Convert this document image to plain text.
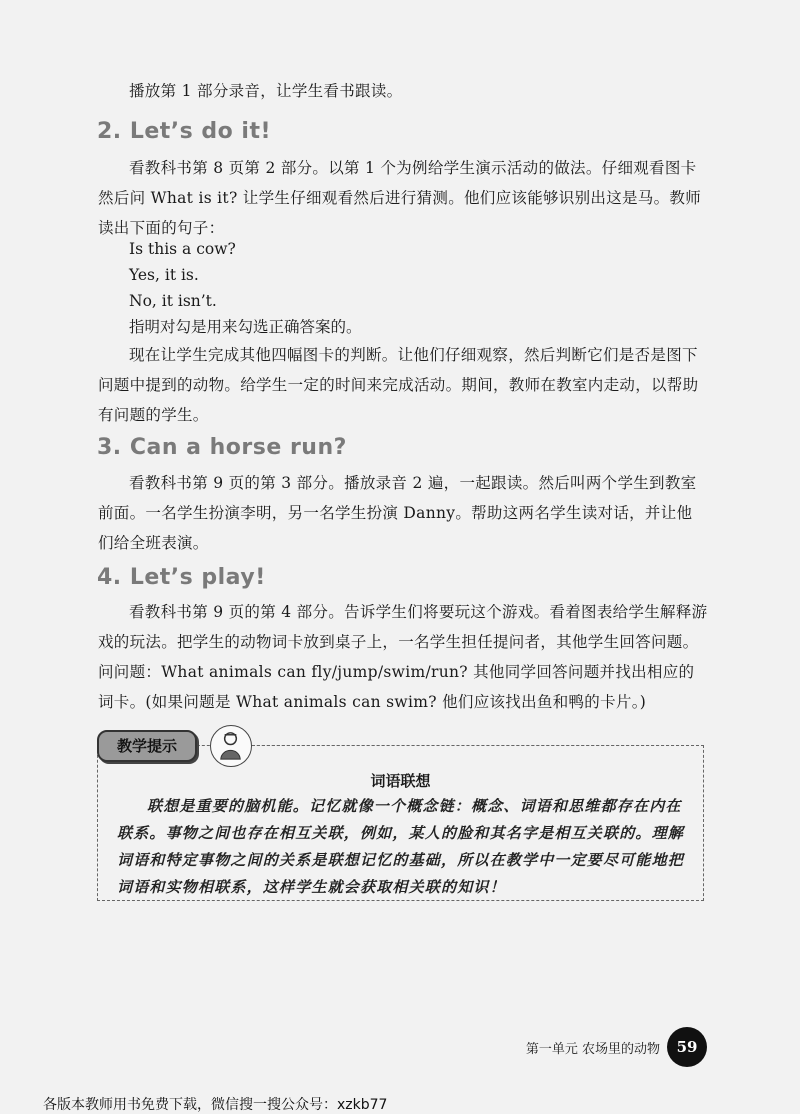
播放第 1 部分录音，让学生看书跟读。

2. Let’s do it!

看教科书第 8 页第 2 部分。以第 1 个为例给学生演示活动的做法。仔细观看图卡然后问 What is it? 让学生仔细观看然后进行猜测。他们应该能够识别出这是马。教师读出下面的句子：

Is this a cow?

Yes, it is.

No, it isn’t.

指明对勾是用来勾选正确答案的。

现在让学生完成其他四幅图卡的判断。让他们仔细观察，然后判断它们是否是图下问题中提到的动物。给学生一定的时间来完成活动。期间，教师在教室内走动，以帮助有问题的学生。

3. Can a horse run?

看教科书第 9 页的第 3 部分。播放录音 2 遍，一起跟读。然后叫两个学生到教室前面。一名学生扮演李明，另一名学生扮演 Danny。帮助这两名学生读对话，并让他们给全班表演。

4. Let’s play!

看教科书第 9 页的第 4 部分。告诉学生们将要玩这个游戏。看着图表给学生解释游戏的玩法。把学生的动物词卡放到桌子上，一名学生担任提问者，其他学生回答问题。问问题：What animals can fly/jump/swim/run? 其他同学回答问题并找出相应的词卡。(如果问题是 What animals can swim? 他们应该找出鱼和鸭的卡片。)

教学提示

词语联想

联想是重要的脑机能。记忆就像一个概念链：概念、词语和思维都存在内在联系。事物之间也存在相互关联，例如，某人的脸和其名字是相互关联的。理解词语和特定事物之间的关系是联想记忆的基础，所以在教学中一定要尽可能地把词语和实物相联系，这样学生就会获取相关联的知识！

第一单元 农场里的动物	59

各版本教师用书免费下载，微信搜一搜公众号：xzkb77
